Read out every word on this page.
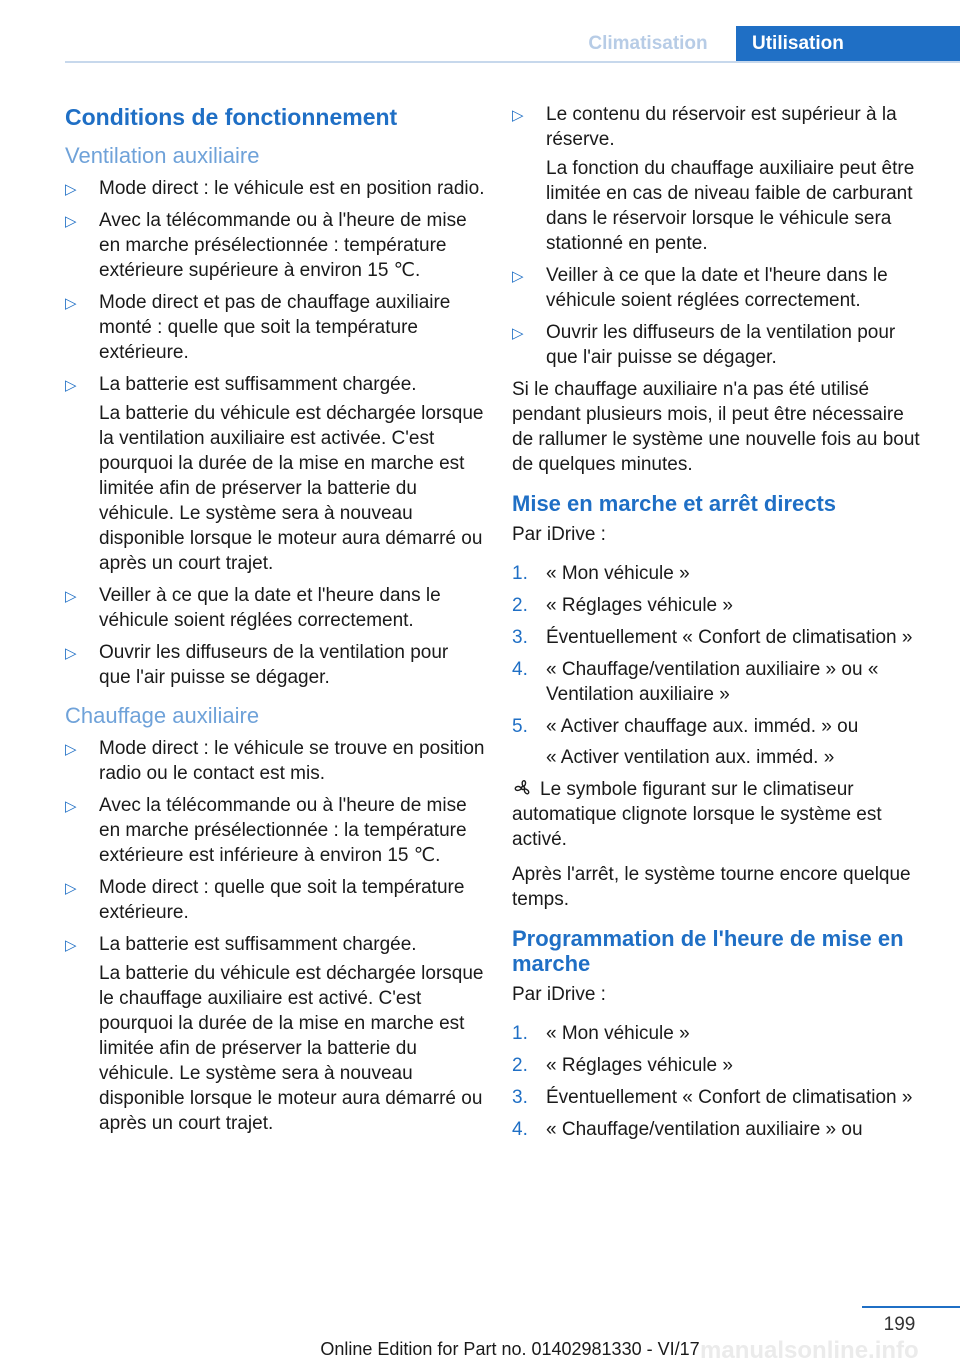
Climatisation	Utilisation
Conditions de fonctionnement
Ventilation auxiliaire
▷ Mode direct : le véhicule est en position radio.

▷ Avec la télécommande ou à l'heure de mise en marche présélectionnée : température extérieure supérieure à environ 15 ℃.

▷ Mode direct et pas de chauffage auxiliaire monté : quelle que soit la température extérieure.

▷ La batterie est suffisamment chargée.

La batterie du véhicule est déchargée lorsque la ventilation auxiliaire est activée. C'est pourquoi la durée de la mise en marche est limitée afin de préserver la batterie du véhicule. Le système sera à nouveau disponible lorsque le moteur aura démarré ou après un court trajet.

▷ Veiller à ce que la date et l'heure dans le véhicule soient réglées correctement.

▷ Ouvrir les diffuseurs de la ventilation pour que l'air puisse se dégager.

Chauffage auxiliaire
▷ Mode direct : le véhicule se trouve en position radio ou le contact est mis.

▷ Avec la télécommande ou à l'heure de mise en marche présélectionnée : la température extérieure est inférieure à environ 15 ℃.

▷ Mode direct : quelle que soit la température extérieure.

▷ La batterie est suffisamment chargée.

La batterie du véhicule est déchargée lorsque le chauffage auxiliaire est activé. C'est pourquoi la durée de la mise en marche est limitée afin de préserver la batterie du véhicule. Le système sera à nouveau disponible lorsque le moteur aura démarré ou après un court trajet.

▷ Le contenu du réservoir est supérieur à la réserve.

La fonction du chauffage auxiliaire peut être limitée en cas de niveau faible de carburant dans le réservoir lorsque le véhicule sera stationné en pente.

▷ Veiller à ce que la date et l'heure dans le véhicule soient réglées correctement.

▷ Ouvrir les diffuseurs de la ventilation pour que l'air puisse se dégager.

Si le chauffage auxiliaire n'a pas été utilisé pendant plusieurs mois, il peut être nécessaire de rallumer le système une nouvelle fois au bout de quelques minutes.

Mise en marche et arrêt directs

Par iDrive :

1. « Mon véhicule »
2. « Réglages véhicule »
3. Éventuellement « Confort de climatisation »
4. « Chauffage/ventilation auxiliaire » ou « Ventilation auxiliaire »
5. « Activer chauffage aux. imméd. » ou

« Activer ventilation aux. imméd. »

Le symbole figurant sur le climatiseur automatique clignote lorsque le système est activé.

Après l'arrêt, le système tourne encore quelque temps.

Programmation de l'heure de mise en marche

Par iDrive :

1. « Mon véhicule »
2. « Réglages véhicule »
3. Éventuellement « Confort de climatisation »
4. « Chauffage/ventilation auxiliaire » ou
199
manualsonline.info
Online Edition for Part no. 01402981330 - VI/17
